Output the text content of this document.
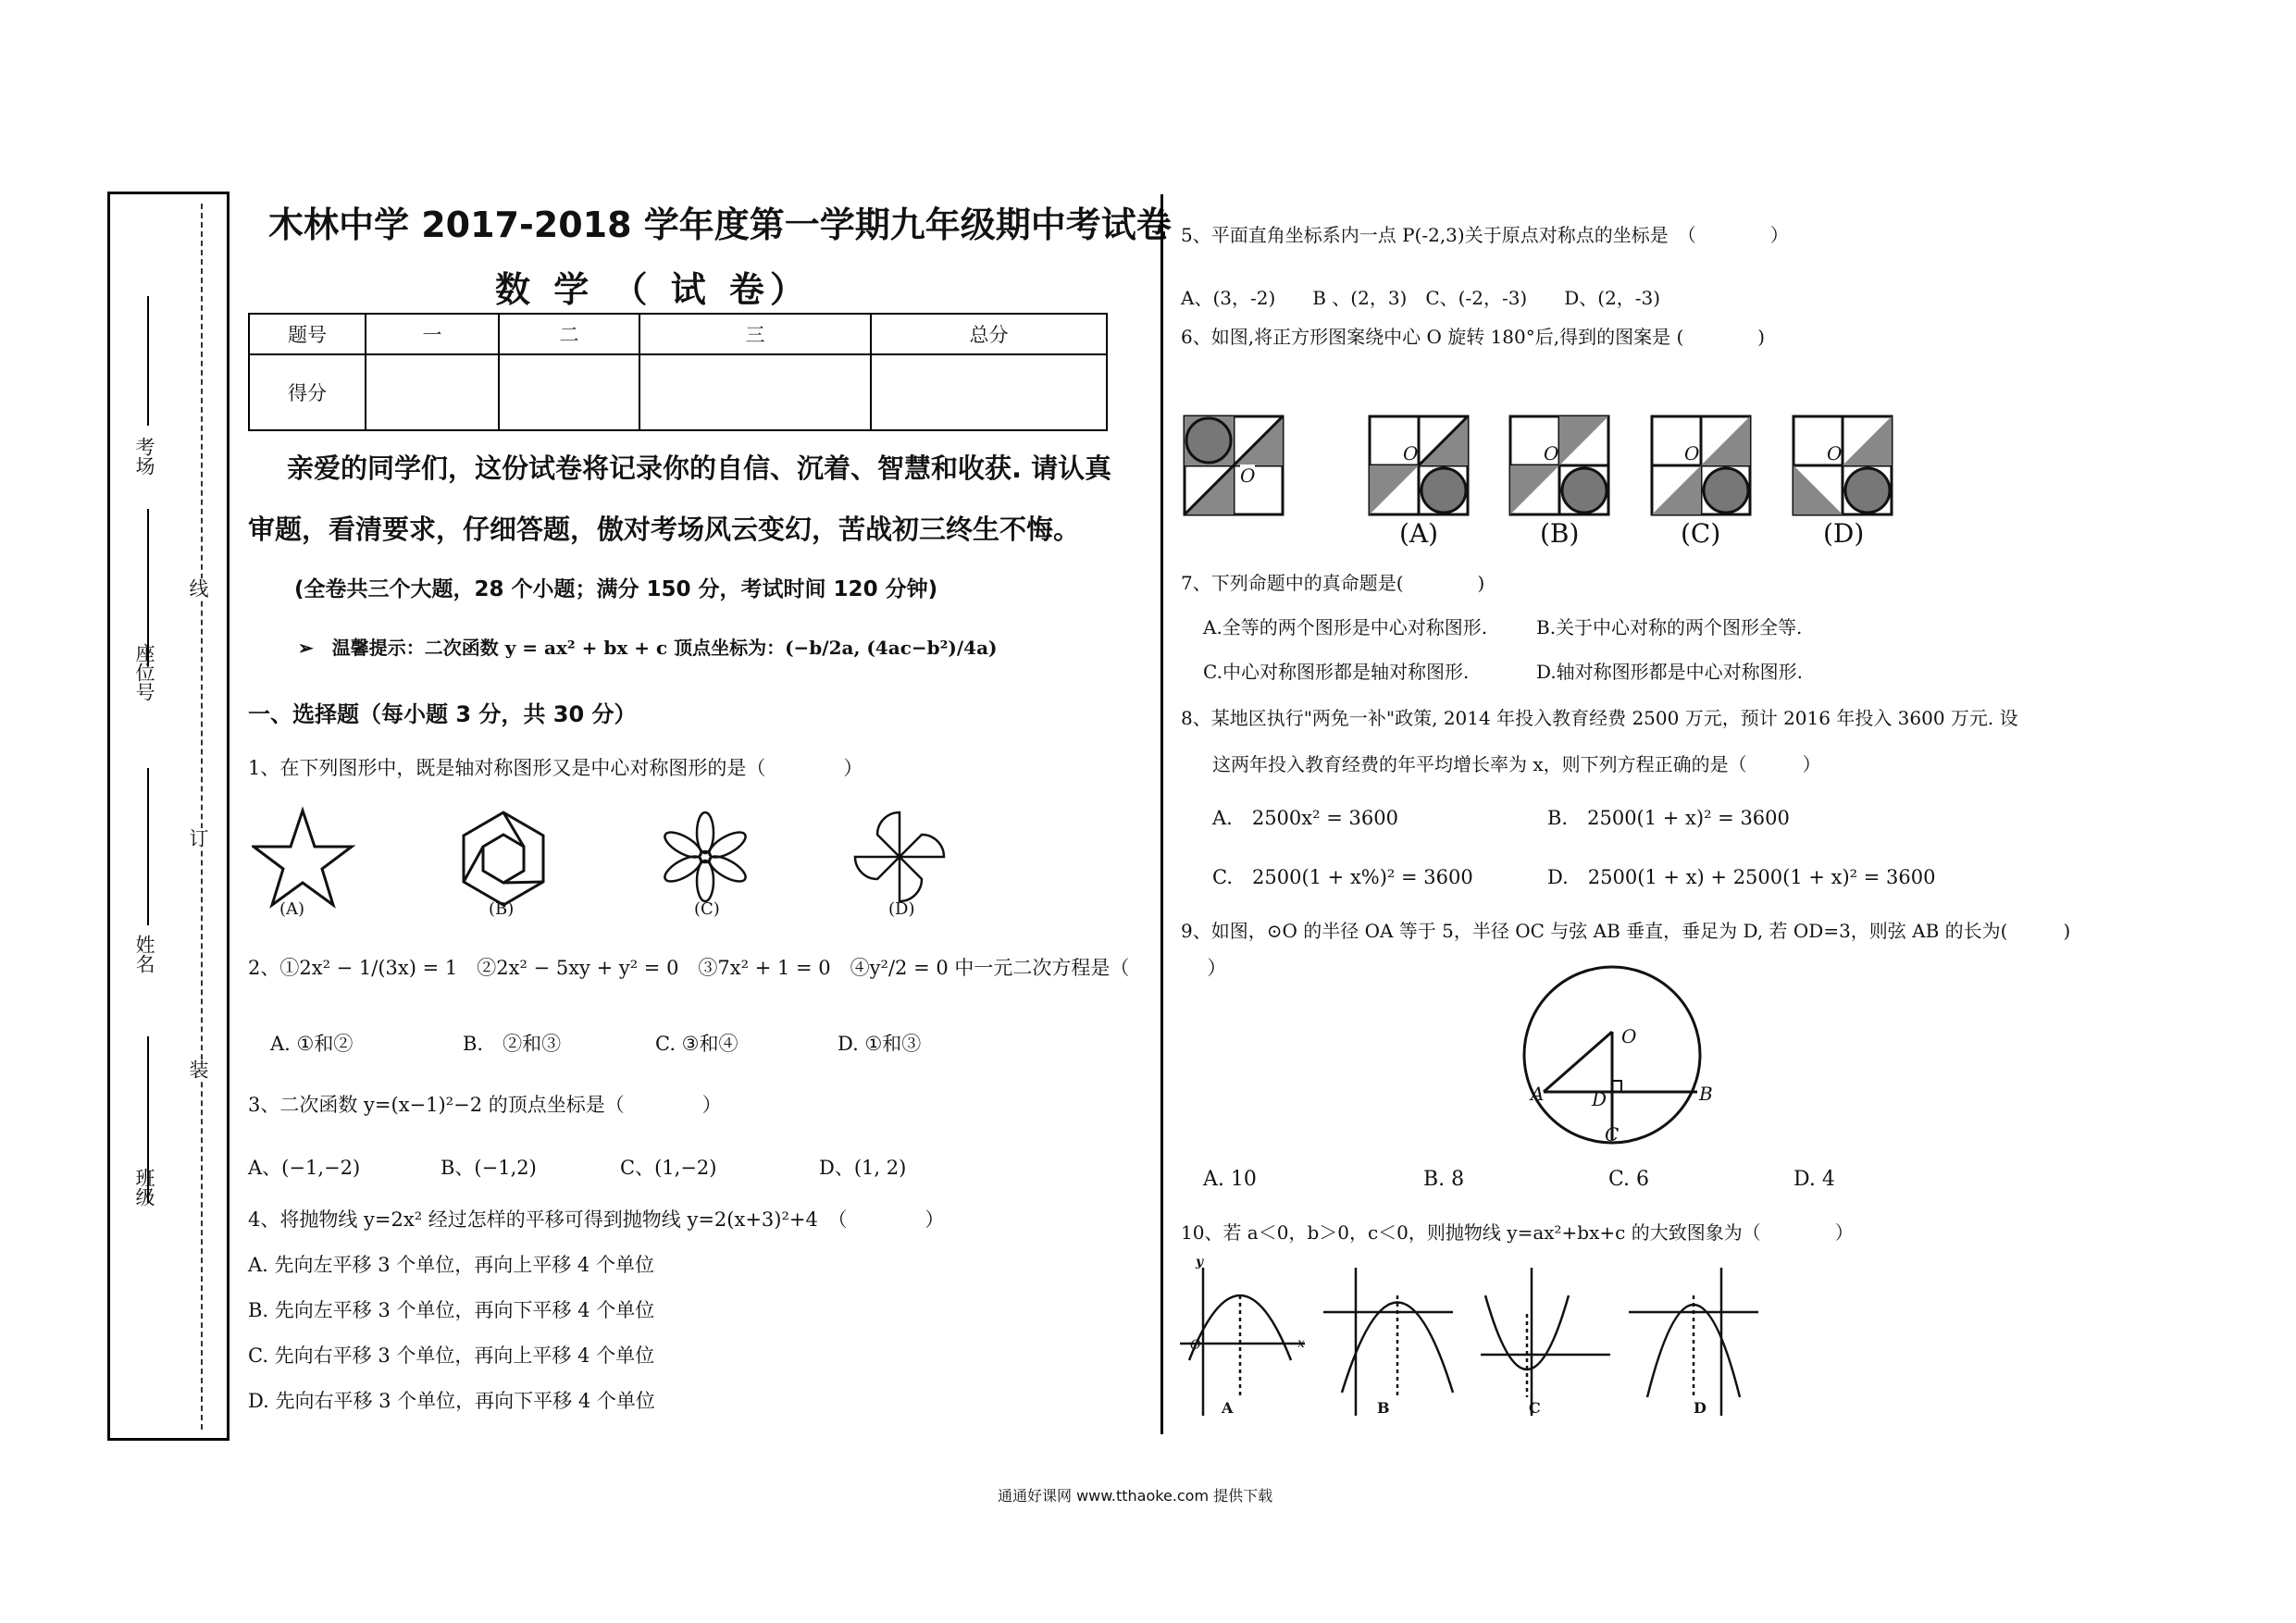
考场
座位号
姓名
班级
线
订
装
木林中学 2017-2018 学年度第一学期九年级期中考试卷
数 学 （ 试 卷）
题号	一	二	三	总分
得分				
亲爱的同学们，这份试卷将记录你的自信、沉着、智慧和收获. 请认真
审题，看清要求，仔细答题，傲对考场风云变幻，苦战初三终生不悔。
(全卷共三个大题，28 个小题；满分 150 分，考试时间 120 分钟)
➢　温馨提示：二次函数 y = ax² + bx + c 顶点坐标为：(−b/2a, (4ac−b²)/4a)
一、选择题（每小题 3 分，共 30 分）
1、在下列图形中，既是轴对称图形又是中心对称图形的是（　　　　）
(A)	(B)	(C)	(D)
2、①2x² − 1/(3x) = 1　②2x² − 5xy + y² = 0　③7x² + 1 = 0　④y²/2 = 0 中一元二次方程是（　　　　）
A. ①和②	B.　②和③	C. ③和④	D. ①和③
3、二次函数 y=(x−1)²−2 的顶点坐标是（　　　　）
A、(−1,−2)	B、(−1,2)	C、(1,−2)	D、(1, 2)
4、将抛物线 y=2x² 经过怎样的平移可得到抛物线 y=2(x+3)²+4　（　　　　）
A. 先向左平移 3 个单位，再向上平移 4 个单位
B. 先向左平移 3 个单位，再向下平移 4 个单位
C. 先向右平移 3 个单位，再向上平移 4 个单位
D. 先向右平移 3 个单位，再向下平移 4 个单位
5、平面直角坐标系内一点 P(-2,3)关于原点对称点的坐标是　（　　　　）
A、(3，-2)　　B 、(2，3)　C、(-2，-3)　　D、(2，-3)
6、如图,将正方形图案绕中心 O 旋转 180°后,得到的图案是 (　　　　)
O
O	O	O	O
(A)	(B)	(C)	(D)
7、下列命题中的真命题是(　　　　)
A.全等的两个图形是中心对称图形.	B.关于中心对称的两个图形全等.
C.中心对称图形都是轴对称图形.	D.轴对称图形都是中心对称图形.
8、某地区执行"两免一补"政策, 2014 年投入教育经费 2500 万元，预计 2016 年投入 3600 万元. 设
这两年投入教育经费的年平均增长率为 x，则下列方程正确的是（　　　）
A.　2500x² = 3600	B.　2500(1 + x)² = 3600
C.　2500(1 + x%)² = 3600	D.　2500(1 + x) + 2500(1 + x)² = 3600
9、如图，⊙O 的半径 OA 等于 5，半径 OC 与弦 AB 垂直，垂足为 D, 若 OD=3，则弦 AB 的长为(　　　)
O
A	D	B
C
A. 10	B. 8	C. 6	D. 4
10、若 a＜0，b＞0，c＜0，则抛物线 y=ax²+bx+c 的大致图象为（　　　　）
A	B	C	D
y
x
O
通通好课网 www.tthaoke.com 提供下载
